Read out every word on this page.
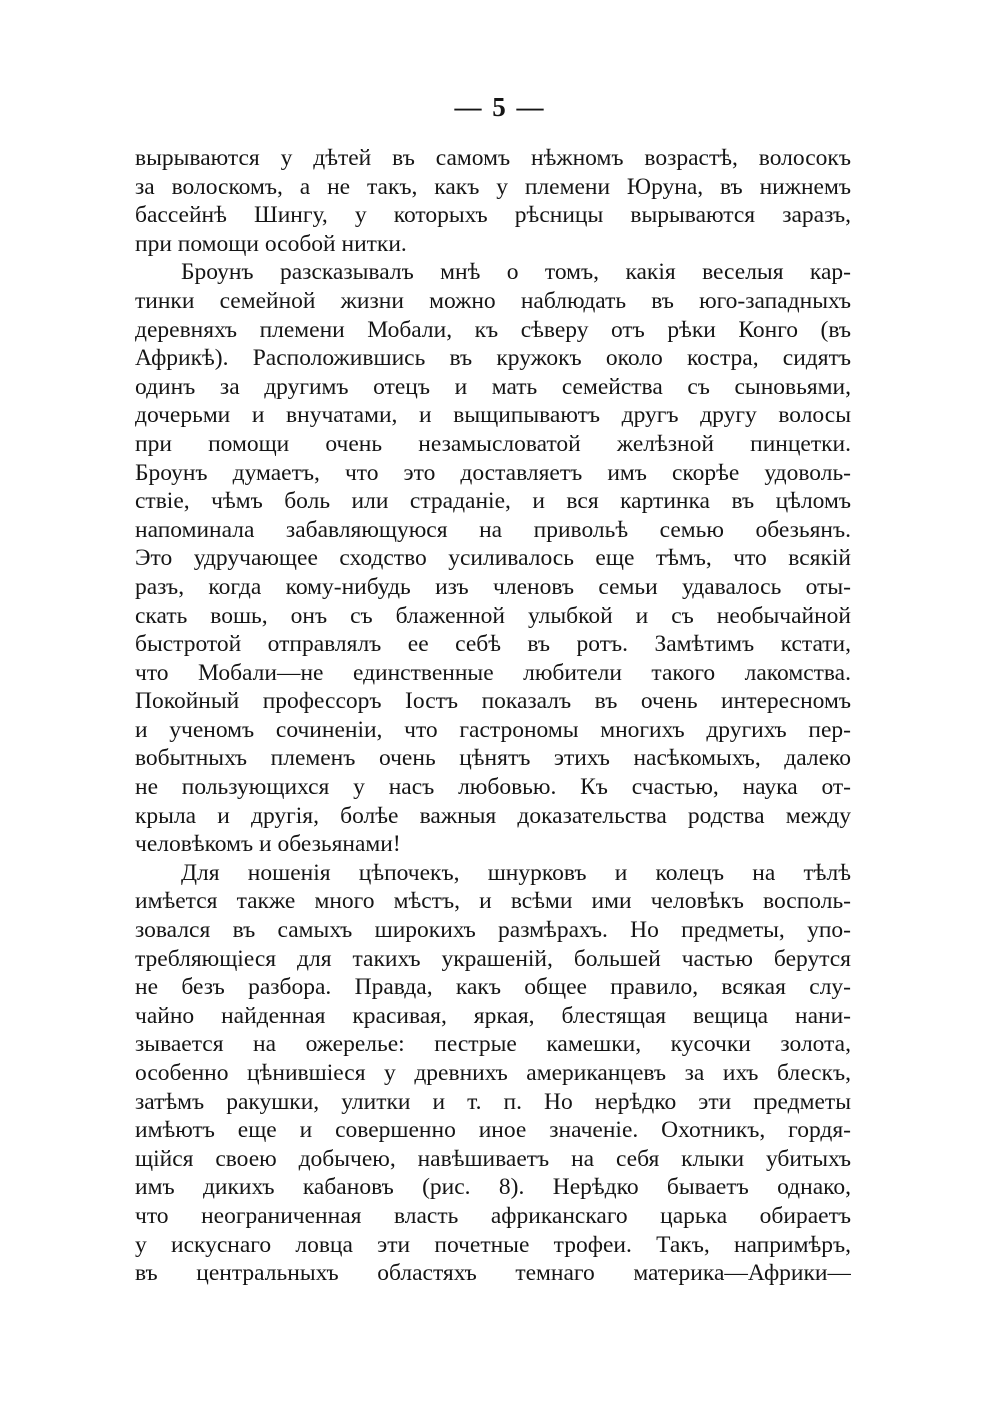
— 5 —
вырываются у дѣтей въ самомъ нѣжномъ возрастѣ, волосокъ
за волоскомъ, а не такъ, какъ у племени Юруна, въ нижнемъ
бассейнѣ Шингу, у которыхъ рѣсницы вырываются заразъ,
при помощи особой нитки.
Броунъ разсказывалъ мнѣ о томъ, какія веселыя кар-
тинки семейной жизни можно наблюдать въ юго-западныхъ
деревняхъ племени Мобали, къ сѣверу отъ рѣки Конго (въ
Африкѣ). Расположившись въ кружокъ около костра, сидятъ
одинъ за другимъ отецъ и мать семейства съ сыновьями,
дочерьми и внучатами, и выщипываютъ другъ другу волосы
при помощи очень незамысловатой желѣзной пинцетки.
Броунъ думаетъ, что это доставляетъ имъ скорѣе удоволь-
ствіе, чѣмъ боль или страданіе, и вся картинка въ цѣломъ
напоминала забавляющуюся на привольѣ семью обезьянъ.
Это удручающее сходство усиливалось еще тѣмъ, что всякій
разъ, когда кому-нибудь изъ членовъ семьи удавалось оты-
скать вошь, онъ съ блаженной улыбкой и съ необычайной
быстротой отправлялъ ее себѣ въ ротъ. Замѣтимъ кстати,
что Мобали—не единственные любители такого лакомства.
Покойный профессоръ Іостъ показалъ въ очень интересномъ
и ученомъ сочиненіи, что гастрономы многихъ другихъ пер-
вобытныхъ племенъ очень цѣнятъ этихъ насѣкомыхъ, далеко
не пользующихся у насъ любовью. Къ счастью, наука от-
крыла и другія, болѣе важныя доказательства родства между
человѣкомъ и обезьянами!
Для ношенія цѣпочекъ, шнурковъ и колецъ на тѣлѣ
имѣется также много мѣстъ, и всѣми ими человѣкъ восполь-
зовался въ самыхъ широкихъ размѣрахъ. Но предметы, упо-
требляющіеся для такихъ украшеній, большей частью берутся
не безъ разбора. Правда, какъ общее правило, всякая слу-
чайно найденная красивая, яркая, блестящая вещица нани-
зывается на ожерелье: пестрые камешки, кусочки золота,
особенно цѣнившіеся у древнихъ американцевъ за ихъ блескъ,
затѣмъ ракушки, улитки и т. п. Но нерѣдко эти предметы
имѣютъ еще и совершенно иное значеніе. Охотникъ, гордя-
щійся своею добычею, навѣшиваетъ на себя клыки убитыхъ
имъ дикихъ кабановъ (рис. 8). Нерѣдко бываетъ однако,
что неограниченная власть африканскаго царька обираетъ
у искуснаго ловца эти почетные трофеи. Такъ, напримѣръ,
въ центральныхъ областяхъ темнаго материка—Африки—
